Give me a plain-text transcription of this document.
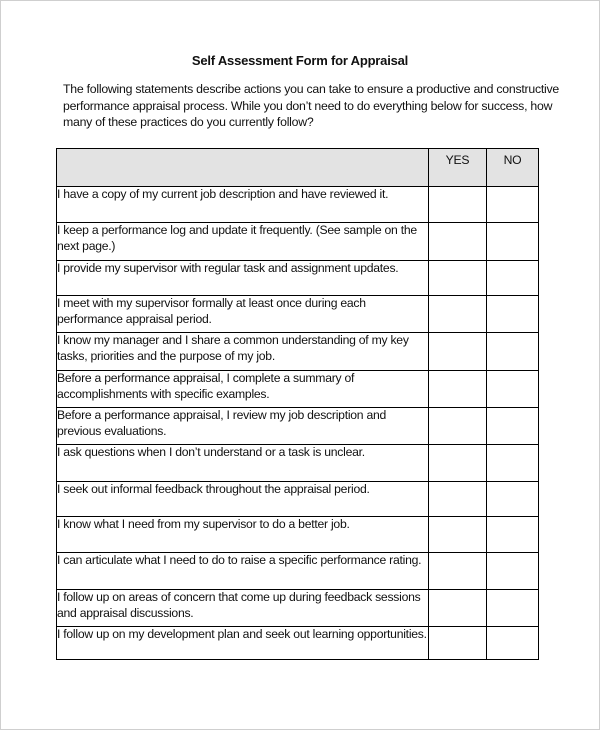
Self Assessment Form for Appraisal
The following statements describe actions you can take to ensure a productive and constructive performance appraisal process. While you don’t need to do everything below for success, how many of these practices do you currently follow?
	YES	NO
I have a copy of my current job description and have reviewed it.	

I keep a performance log and update it frequently. (See sample on the next page.)	

I provide my supervisor with regular task and assignment updates.	

I meet with my supervisor formally at least once during each performance appraisal period.	

I know my manager and I share a common understanding of my key tasks, priorities and the purpose of my job.	

Before a performance appraisal, I complete a summary of accomplishments with specific examples.	

Before a performance appraisal, I review my job description and previous evaluations.	

I ask questions when I don’t understand or a task is unclear.	

I seek out informal feedback throughout the appraisal period.	

I know what I need from my supervisor to do a better job.	

I can articulate what I need to do to raise a specific performance rating.	

I follow up on areas of concern that come up during feedback sessions and appraisal discussions.	

I follow up on my development plan and seek out learning opportunities.	
